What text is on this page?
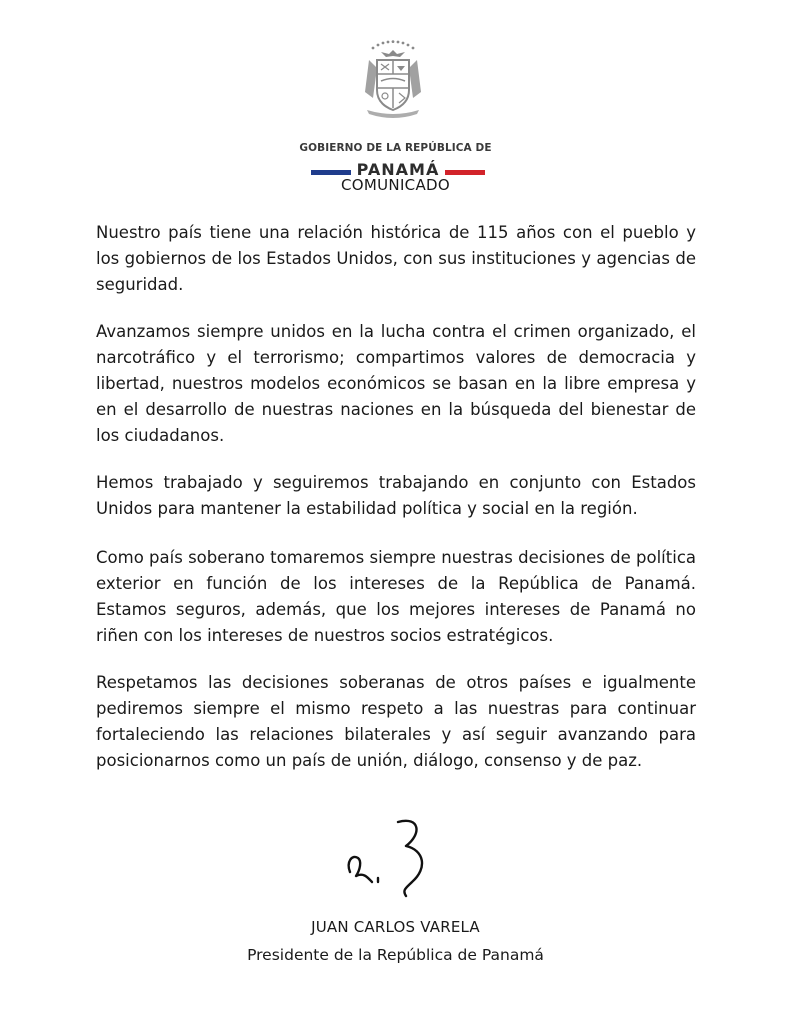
GOBIERNO DE LA REPÚBLICA DE
PANAMÁ
COMUNICADO

Nuestro país tiene una relación histórica de 115 años con el pueblo y los gobiernos de los Estados Unidos, con sus instituciones y agencias de seguridad.

Avanzamos siempre unidos en la lucha contra el crimen organizado, el narcotráfico y el terrorismo; compartimos valores de democracia y libertad, nuestros modelos económicos se basan en la libre empresa y en el desarrollo de nuestras naciones en la búsqueda del bienestar de los ciudadanos.

Hemos trabajado y seguiremos trabajando en conjunto con Estados Unidos para mantener la estabilidad política y social en la región.

Como país soberano tomaremos siempre nuestras decisiones de política exterior en función de los intereses de la República de Panamá. Estamos seguros, además, que los mejores intereses de Panamá no riñen con los intereses de nuestros socios estratégicos.

Respetamos las decisiones soberanas de otros países e igualmente pediremos siempre el mismo respeto a las nuestras para continuar fortaleciendo las relaciones bilaterales y así seguir avanzando para posicionarnos como un país de unión, diálogo, consenso y de paz.

JUAN CARLOS VARELA
Presidente de la República de Panamá
